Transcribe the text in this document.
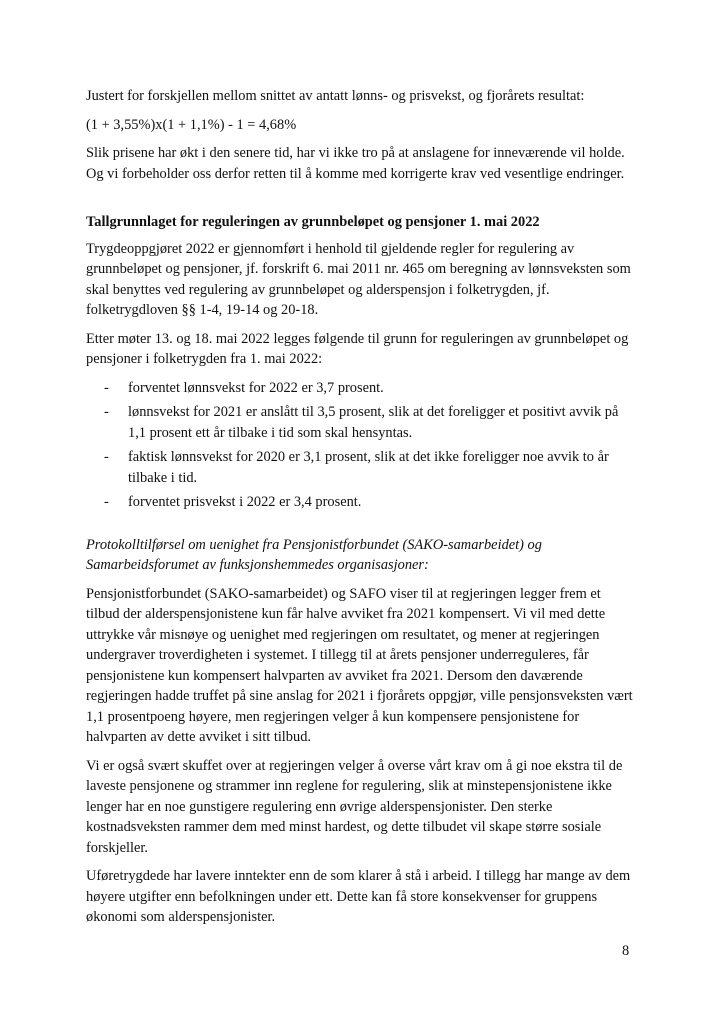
Justert for forskjellen mellom snittet av antatt lønns- og prisvekst, og fjorårets resultat:

(1 + 3,55%)x(1 + 1,1%) - 1 = 4,68%

Slik prisene har økt i den senere tid, har vi ikke tro på at anslagene for inneværende vil holde. Og vi forbeholder oss derfor retten til å komme med korrigerte krav ved vesentlige endringer.

Tallgrunnlaget for reguleringen av grunnbeløpet og pensjoner 1. mai 2022

Trygdeoppgjøret 2022 er gjennomført i henhold til gjeldende regler for regulering av grunnbeløpet og pensjoner, jf. forskrift 6. mai 2011 nr. 465 om beregning av lønnsveksten som skal benyttes ved regulering av grunnbeløpet og alderspensjon i folketrygden, jf. folketrygdloven §§ 1-4, 19-14 og 20-18.

Etter møter 13. og 18. mai 2022 legges følgende til grunn for reguleringen av grunnbeløpet og pensjoner i folketrygden fra 1. mai 2022:

- forventet lønnsvekst for 2022 er 3,7 prosent.
- lønnsvekst for 2021 er anslått til 3,5 prosent, slik at det foreligger et positivt avvik på 1,1 prosent ett år tilbake i tid som skal hensyntas.
- faktisk lønnsvekst for 2020 er 3,1 prosent, slik at det ikke foreligger noe avvik to år tilbake i tid.
- forventet prisvekst i 2022 er 3,4 prosent.

Protokolltilførsel om uenighet fra Pensjonistforbundet (SAKO-samarbeidet) og Samarbeidsforumet av funksjonshemmedes organisasjoner:

Pensjonistforbundet (SAKO-samarbeidet) og SAFO viser til at regjeringen legger frem et tilbud der alderspensjonistene kun får halve avviket fra 2021 kompensert. Vi vil med dette uttrykke vår misnøye og uenighet med regjeringen om resultatet, og mener at regjeringen undergraver troverdigheten i systemet. I tillegg til at årets pensjoner underreguleres, får pensjonistene kun kompensert halvparten av avviket fra 2021. Dersom den daværende regjeringen hadde truffet på sine anslag for 2021 i fjorårets oppgjør, ville pensjonsveksten vært 1,1 prosentpoeng høyere, men regjeringen velger å kun kompensere pensjonistene for halvparten av dette avviket i sitt tilbud.

Vi er også svært skuffet over at regjeringen velger å overse vårt krav om å gi noe ekstra til de laveste pensjonene og strammer inn reglene for regulering, slik at minstepensjonistene ikke lenger har en noe gunstigere regulering enn øvrige alderspensjonister. Den sterke kostnadsveksten rammer dem med minst hardest, og dette tilbudet vil skape større sosiale forskjeller.

Uføretrygdede har lavere inntekter enn de som klarer å stå i arbeid. I tillegg har mange av dem høyere utgifter enn befolkningen under ett. Dette kan få store konsekvenser for gruppens økonomi som alderspensjonister.

8
